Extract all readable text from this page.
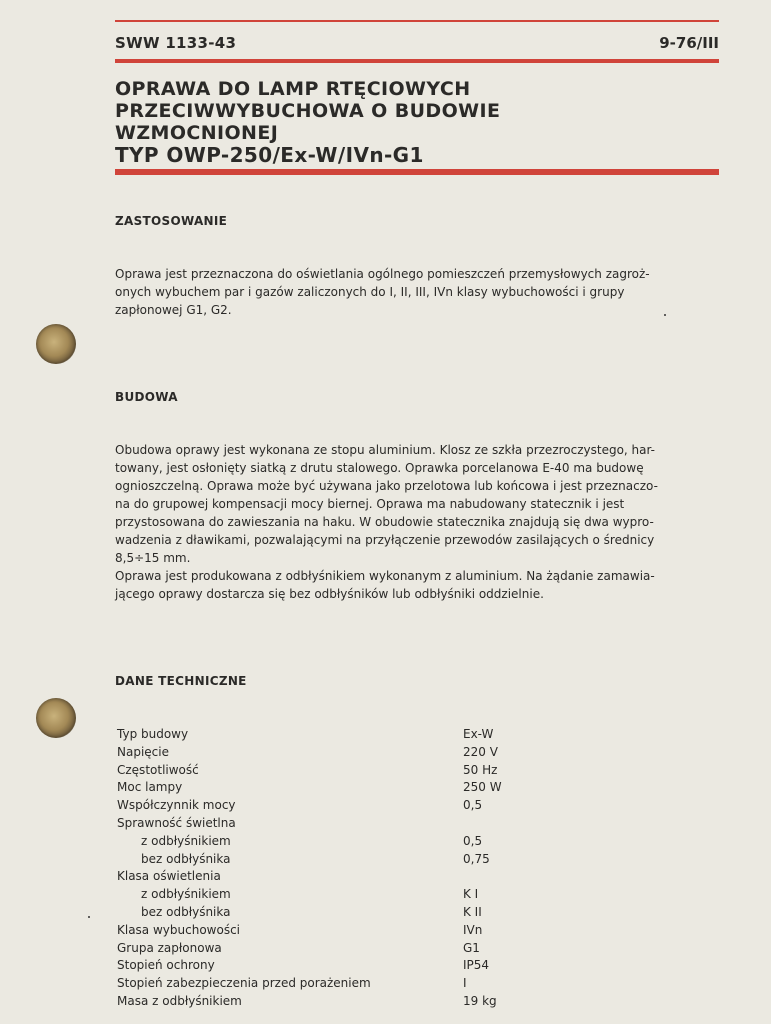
SWW 1133-43	9-76/III
OPRAWA DO LAMP RTĘCIOWYCH
PRZECIWWYBUCHOWA O BUDOWIE
WZMOCNIONEJ
TYP OWP-250/Ex-W/IVn-G1
ZASTOSOWANIE
Oprawa jest przeznaczona do oświetlania ogólnego pomieszczeń przemysłowych zagroż-
onych wybuchem par i gazów zaliczonych do I, II, III, IVn klasy wybuchowości i grupy
zapłonowej G1, G2.
BUDOWA
Obudowa oprawy jest wykonana ze stopu aluminium. Klosz ze szkła przezroczystego, har-
towany, jest osłonięty siatką z drutu stalowego. Oprawka porcelanowa E-40 ma budowę
ognioszczelną. Oprawa może być używana jako przelotowa lub końcowa i jest przeznaczo-
na do grupowej kompensacji mocy biernej. Oprawa ma nabudowany statecznik i jest
przystosowana do zawieszania na haku. W obudowie statecznika znajdują się dwa wypro-
wadzenia z dławikami, pozwalającymi na przyłączenie przewodów zasilających o średnicy
8,5÷15 mm.
Oprawa jest produkowana z odbłyśnikiem wykonanym z aluminium. Na żądanie zamawia-
jącego oprawy dostarcza się bez odbłyśników lub odbłyśniki oddzielnie.
DANE TECHNICZNE
Typ budowy	Ex-W
Napięcie	220 V
Częstotliwość	50 Hz
Moc lampy	250 W
Współczynnik mocy	0,5
Sprawność świetlna
z odbłyśnikiem	0,5
bez odbłyśnika	0,75
Klasa oświetlenia
z odbłyśnikiem	K I
bez odbłyśnika	K II
Klasa wybuchowości	IVn
Grupa zapłonowa	G1
Stopień ochrony	IP54
Stopień zabezpieczenia przed porażeniem	I
Masa z odbłyśnikiem	19 kg
